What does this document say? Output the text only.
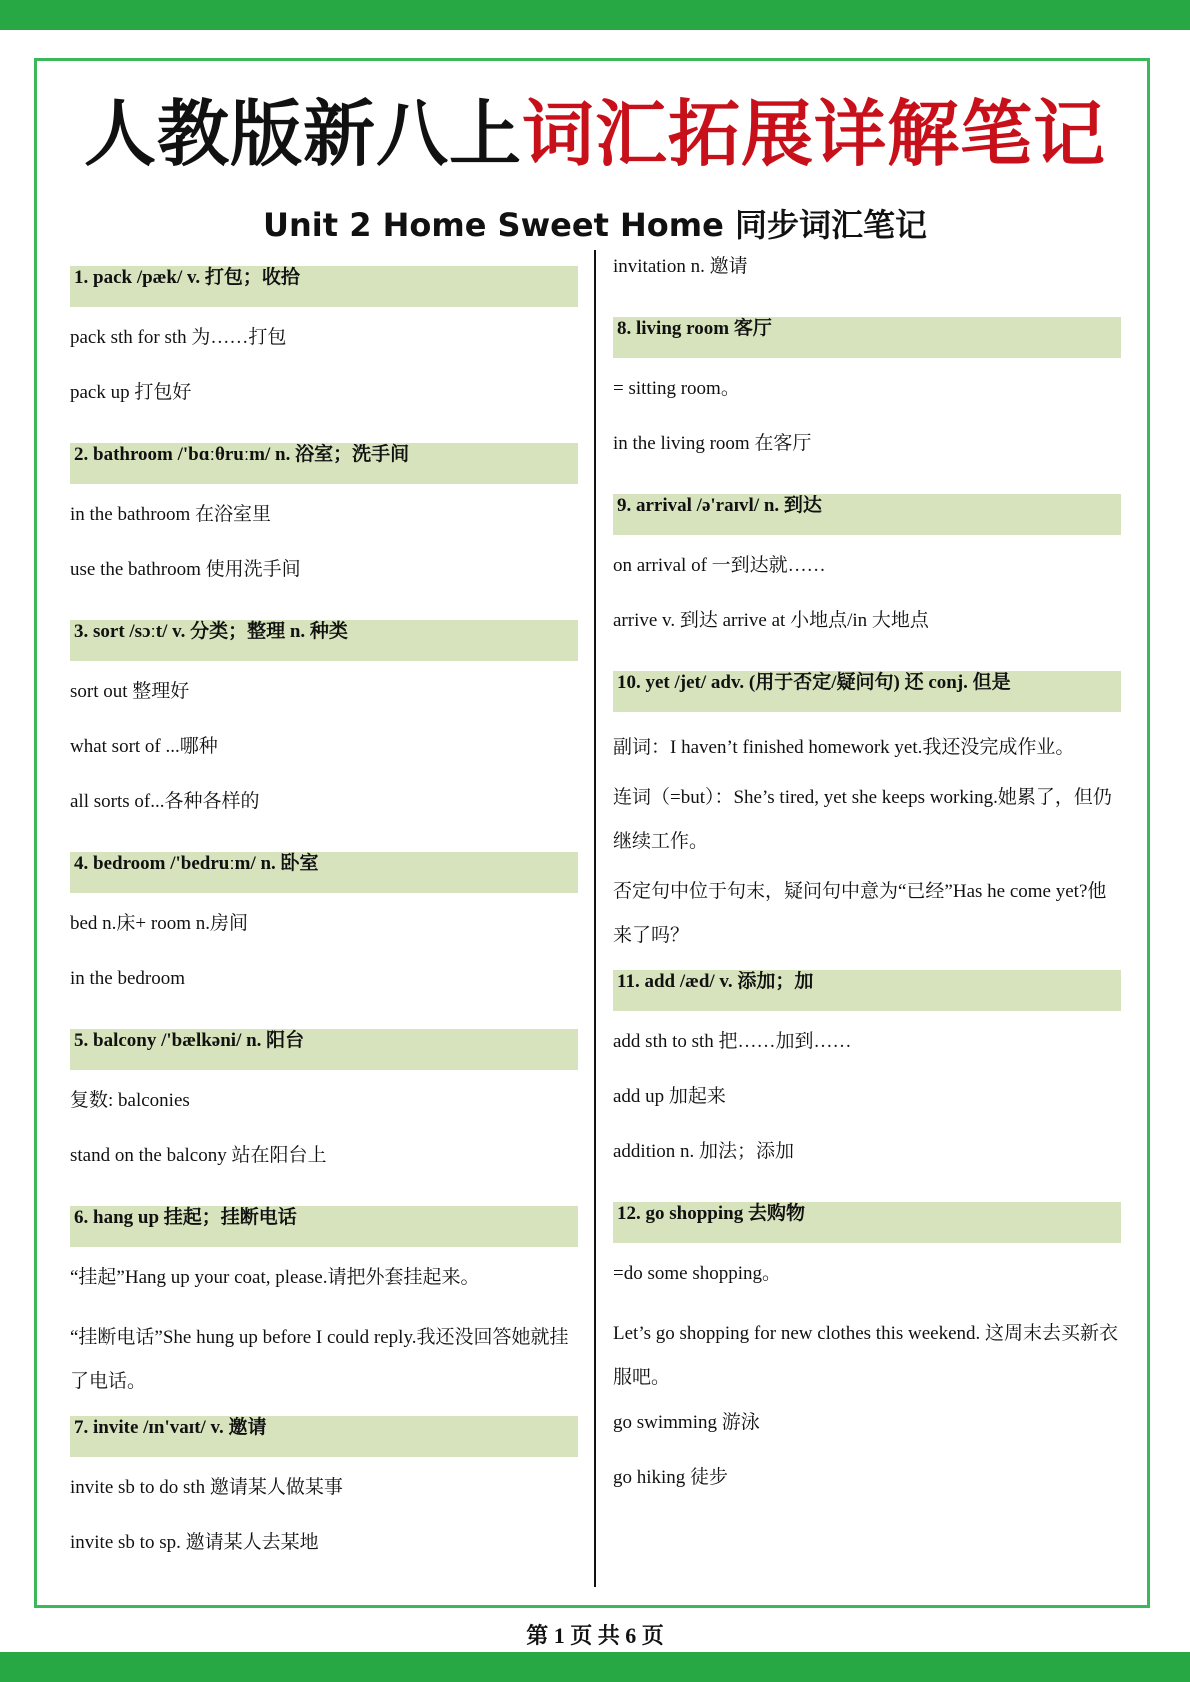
人教版新八上词汇拓展详解笔记
Unit 2 Home Sweet Home 同步词汇笔记
1. pack /pæk/ v. 打包；收拾
pack sth for sth 为……打包
pack up 打包好
2. bathroom /'bɑːθruːm/ n. 浴室；洗手间
in the bathroom 在浴室里
use the bathroom 使用洗手间
3. sort /sɔːt/ v. 分类；整理 n. 种类
sort out 整理好
what sort of ...哪种
all sorts of...各种各样的
4. bedroom /'bedruːm/ n. 卧室
bed n.床+ room n.房间
in the bedroom
5. balcony /'bælkəni/ n. 阳台
复数: balconies
stand on the balcony 站在阳台上
6. hang up 挂起；挂断电话
“挂起”Hang up your coat, please.请把外套挂起来。
“挂断电话”She hung up before I could reply.我还没回答她就挂了电话。
7. invite /ɪn'vaɪt/ v. 邀请
invite sb to do sth 邀请某人做某事
invite sb to sp. 邀请某人去某地
invitation n. 邀请
8. living room 客厅
= sitting room。
in the living room 在客厅
9. arrival /ə'raɪvl/ n. 到达
on arrival of 一到达就……
arrive v. 到达 arrive at 小地点/in 大地点
10. yet /jet/ adv. (用于否定/疑问句) 还 conj. 但是
副词：I haven’t finished homework yet.我还没完成作业。
连词（=but）：She’s tired, yet she keeps working.她累了，但仍继续工作。
否定句中位于句末，疑问句中意为“已经”Has he come yet?他来了吗？
11. add /æd/ v. 添加；加
add sth to sth 把……加到……
add up 加起来
addition n. 加法；添加
12. go shopping 去购物
=do some shopping。
Let’s go shopping for new clothes this weekend. 这周末去买新衣服吧。
go swimming 游泳
go hiking 徒步
第 1 页 共 6 页
